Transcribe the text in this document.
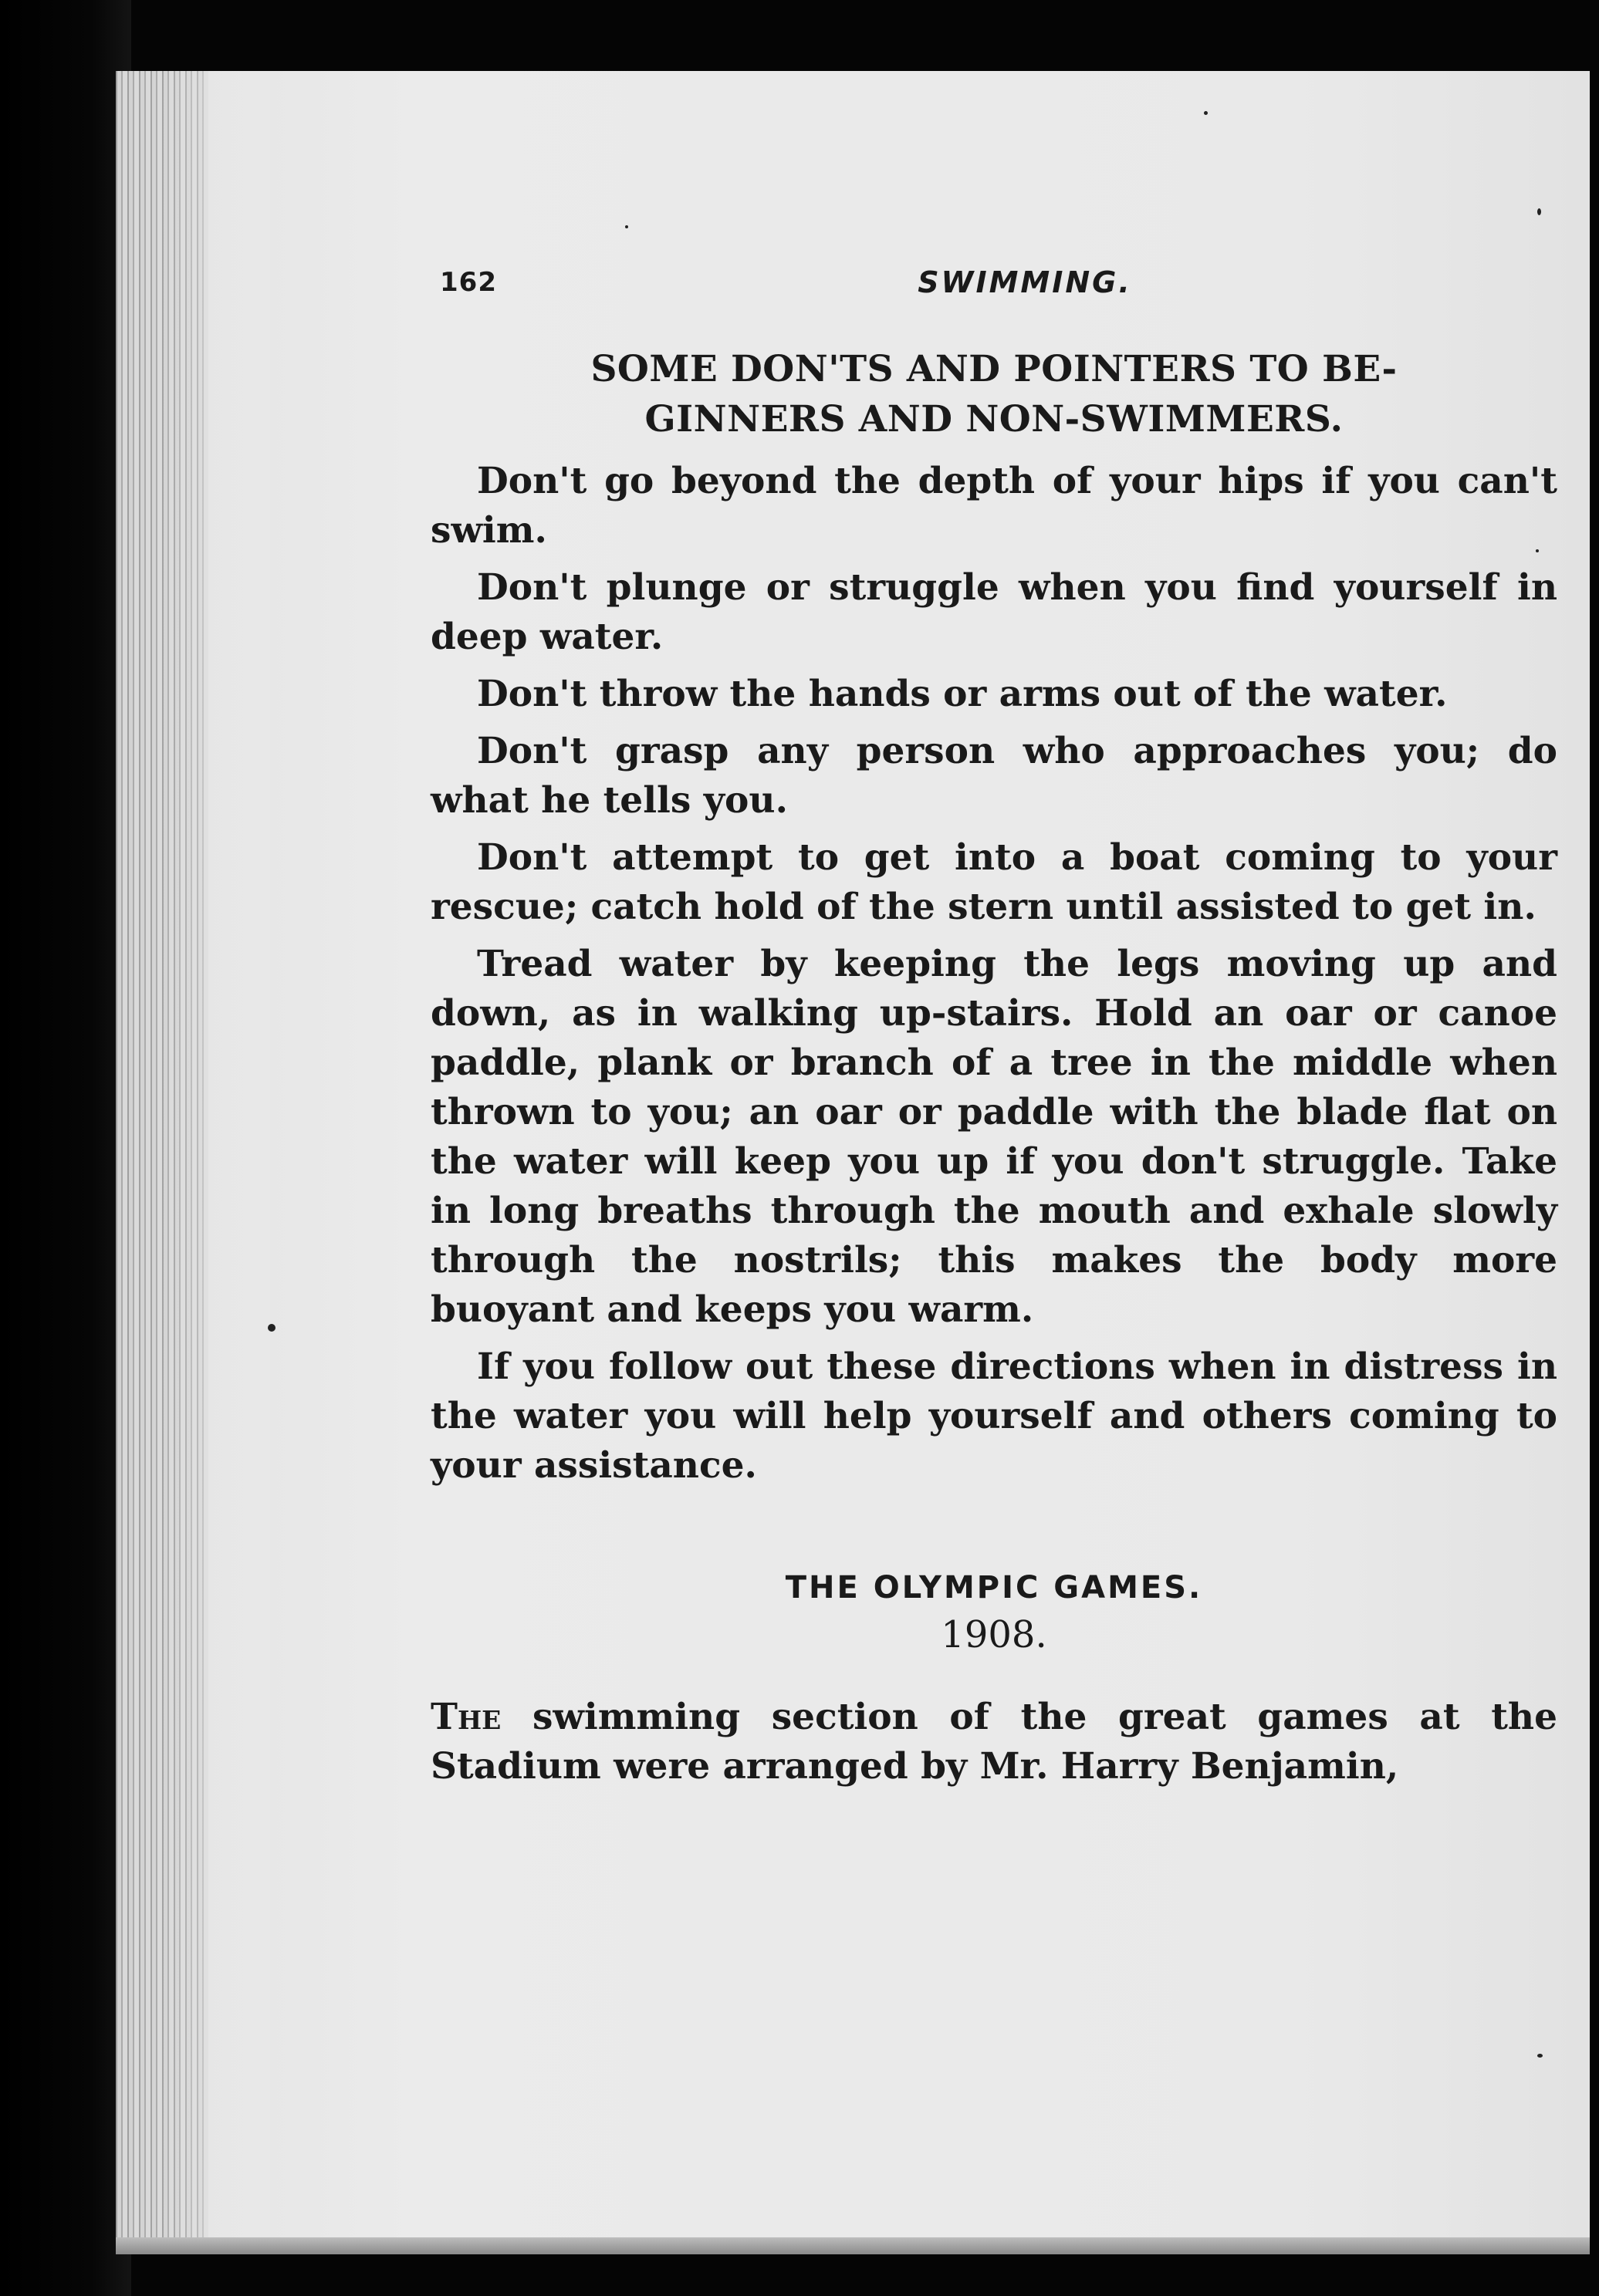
162	SWIMMING.
SOME DON'TS AND POINTERS TO BE-
GINNERS AND NON-SWIMMERS.

Don't go beyond the depth of your hips if you can't swim.

Don't plunge or struggle when you find yourself in deep water.

Don't throw the hands or arms out of the water.

Don't grasp any person who approaches you; do what he tells you.

Don't attempt to get into a boat coming to your rescue; catch hold of the stern until assisted to get in.

Tread water by keeping the legs moving up and down, as in walking up-stairs. Hold an oar or canoe paddle, plank or branch of a tree in the middle when thrown to you; an oar or paddle with the blade flat on the water will keep you up if you don't struggle. Take in long breaths through the mouth and exhale slowly through the nostrils; this makes the body more buoyant and keeps you warm.

If you follow out these directions when in distress in the water you will help yourself and others coming to your assistance.

THE OLYMPIC GAMES.
1908.

The swimming section of the great games at the Stadium were arranged by Mr. Harry Benjamin,
